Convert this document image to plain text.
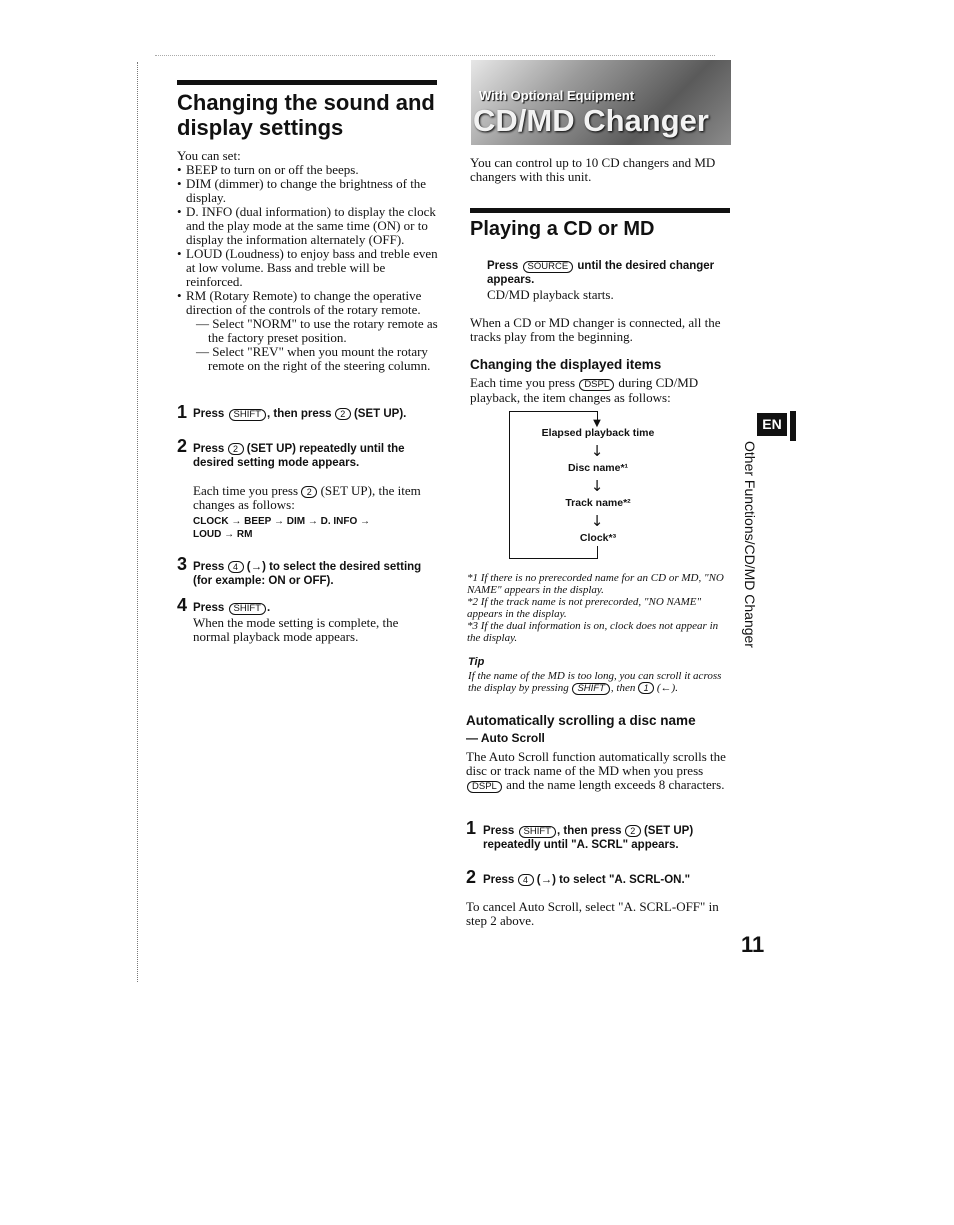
Changing the sound and display settings
You can set:
• BEEP to turn on or off the beeps.
• DIM (dimmer) to change the brightness of the display.
• D. INFO (dual information) to display the clock and the play mode at the same time (ON) or to display the information alternately (OFF).
• LOUD (Loudness) to enjoy bass and treble even at low volume. Bass and treble will be reinforced.
• RM (Rotary Remote) to change the operative direction of the controls of the rotary remote.
— Select "NORM" to use the rotary remote as the factory preset position.
— Select "REV" when you mount the rotary remote on the right of the steering column.
1 Press SHIFT , then press 2 (SET UP).
2 Press 2 (SET UP) repeatedly until the desired setting mode appears.
Each time you press 2 (SET UP), the item changes as follows:
CLOCK → BEEP → DIM → D. INFO → LOUD → RM
3 Press 4 (→) to select the desired setting (for example: ON or OFF).
4 Press SHIFT .
When the mode setting is complete, the normal playback mode appears.
With Optional Equipment
CD/MD Changer
You can control up to 10 CD changers and MD changers with this unit.
Playing a CD or MD
Press SOURCE until the desired changer appears.
CD/MD playback starts.
When a CD or MD changer is connected, all the tracks play from the beginning.
Changing the displayed items
Each time you press DSPL during CD/MD playback, the item changes as follows:
▼
Elapsed playback time
↓
Disc name*¹
↓
Track name*²
↓
Clock*³
*1 If there is no prerecorded name for an CD or MD, "NO NAME" appears in the display.
*2 If the track name is not prerecorded, "NO NAME" appears in the display.
*3 If the dual information is on, clock does not appear in the display.
Tip
If the name of the MD is too long, you can scroll it across the display by pressing SHIFT , then 1 (←).
Automatically scrolling a disc name
— Auto Scroll
The Auto Scroll function automatically scrolls the disc or track name of the MD when you press DSPL and the name length exceeds 8 characters.
1 Press SHIFT , then press 2 (SET UP) repeatedly until "A. SCRL" appears.
2 Press 4 (→) to select "A. SCRL-ON."
To cancel Auto Scroll, select "A. SCRL-OFF" in step 2 above.
EN
Other Functions/CD/MD Changer
11
